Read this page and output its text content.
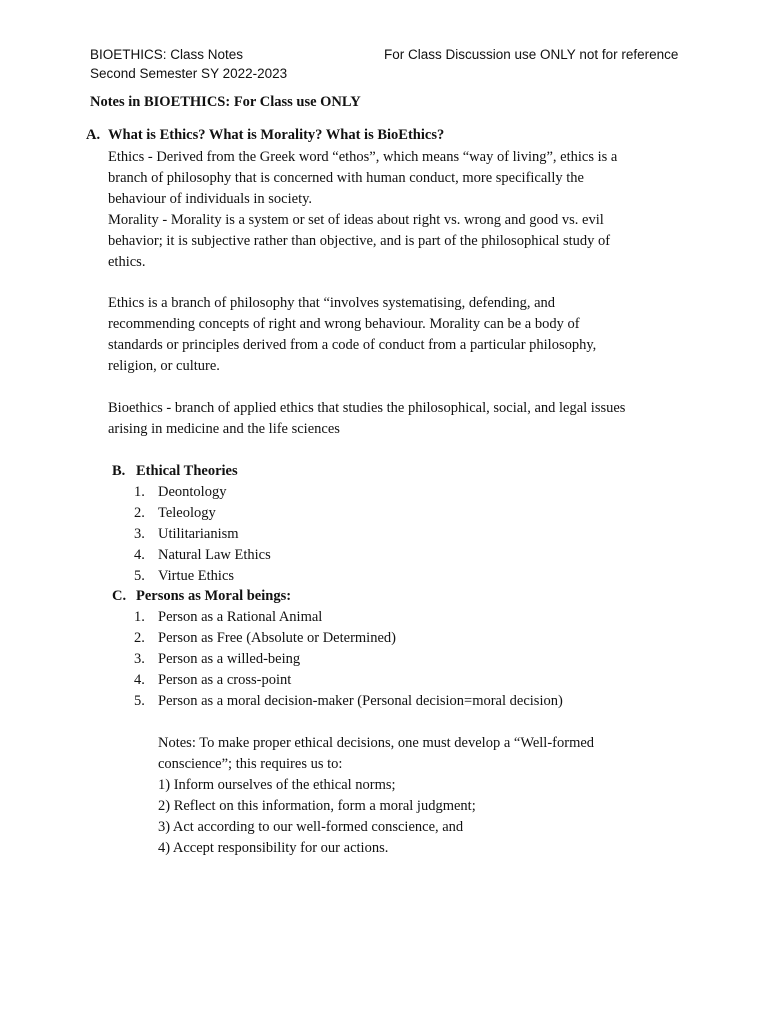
BIOETHICS: Class Notes
Second Semester SY 2022-2023
For Class Discussion use ONLY not for reference
Notes in BIOETHICS: For Class use ONLY
A. What is Ethics? What is Morality? What is BioEthics?

Ethics - Derived from the Greek word “ethos”, which means “way of living”, ethics is a

branch of philosophy that is concerned with human conduct, more specifically the

behaviour of individuals in society.

Morality - Morality is a system or set of ideas about right vs. wrong and good vs. evil

behavior; it is subjective rather than objective, and is part of the philosophical study of

ethics.

Ethics is a branch of philosophy that “involves systematising, defending, and

recommending concepts of right and wrong behaviour. Morality can be a body of

standards or principles derived from a code of conduct from a particular philosophy,

religion, or culture.

Bioethics - branch of applied ethics that studies the philosophical, social, and legal issues

arising in medicine and the life sciences

B. Ethical Theories
1. Deontology
2. Teleology
3. Utilitarianism
4. Natural Law Ethics
5. Virtue Ethics
C. Persons as Moral beings:
1. Person as a Rational Animal
2. Person as Free (Absolute or Determined)
3. Person as a willed-being
4. Person as a cross-point
5. Person as a moral decision-maker (Personal decision=moral decision)

Notes: To make proper ethical decisions, one must develop a “Well-formed

conscience”; this requires us to:

1) Inform ourselves of the ethical norms;

2) Reflect on this information, form a moral judgment;

3) Act according to our well-formed conscience, and

4) Accept responsibility for our actions.
